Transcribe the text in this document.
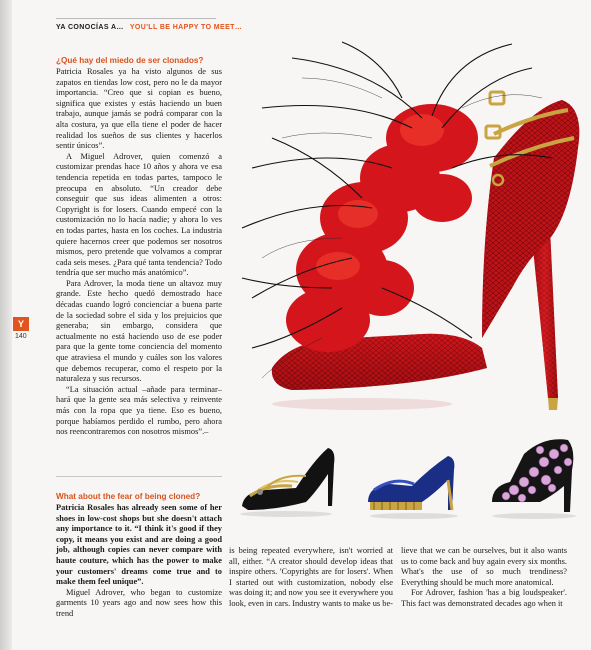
YA CONOCÍAS A… YOU'LL BE HAPPY TO MEET…
¿Qué hay del miedo de ser clonados?

Patricia Rosales ya ha visto algunos de sus zapatos en tiendas low cost, pero no le da mayor importancia. “Creo que si copian es bueno, significa que existes y estás haciendo un buen trabajo, aunque jamás se podrá comparar con la alta costura, ya que ella tiene el poder de hacer realidad los sueños de sus clientes y hacerlos sentir únicos”.

A Miguel Adrover, quien comenzó a customizar prendas hace 10 años y ahora ve esa tendencia repetida en todas partes, tampoco le preocupa en absoluto. “Un creador debe conseguir que sus ideas alimenten a otros: Copyright is for losers. Cuando empecé con la customización no lo hacía nadie; y ahora lo ves en todas partes, hasta en los coches. La industria quiere hacernos creer que podemos ser nosotros mismos, pero pretende que volvamos a comprar cada seis meses. ¿Para qué tanta tendencia? Todo tendría que ser mucho más anatómico”.

Para Adrover, la moda tiene un altavoz muy grande. Este hecho quedó demostrado hace décadas cuando logró concienciar a buena parte de la sociedad sobre el sida y los prejuicios que generaba; sin embargo, considera que actualmente no está haciendo uso de ese poder para que la gente tome conciencia del momento que atraviesa el mundo y cuáles son los valores que debemos recuperar, como el respeto por la naturaleza y sus recursos.

“La situación actual –añade para terminar– hará que la gente sea más selectiva y reinvente más con la ropa que ya tiene. Eso es bueno, porque habíamos perdido el rumbo, pero ahora nos reencontraremos con nosotros mismos”.–

What about the fear of being cloned?

Patricia Rosales has already seen some of her shoes in low-cost shops but she doesn't attach any importance to it. “I think it's good if they copy, it means you exist and are doing a good job, although copies can never compare with haute couture, which has the power to make your customers' dreams come true and to make them feel unique”.

Miguel Adrover, who began to customize garments 10 years ago and now sees how this trend

is being repeated everywhere, isn't worried at all, either. “A creator should develop ideas that inspire others. 'Copyrights are for losers'. When I started out with customization, nobody else was doing it; and now you see it everywhere you look, even in cars. Industry wants to make us be-

lieve that we can be ourselves, but it also wants us to come back and buy again every six months. What's the use of so much trendiness? Everything should be much more anatomical.

For Adrover, fashion 'has a big loudspeaker'. This fact was demonstrated decades ago when it

Y
140
